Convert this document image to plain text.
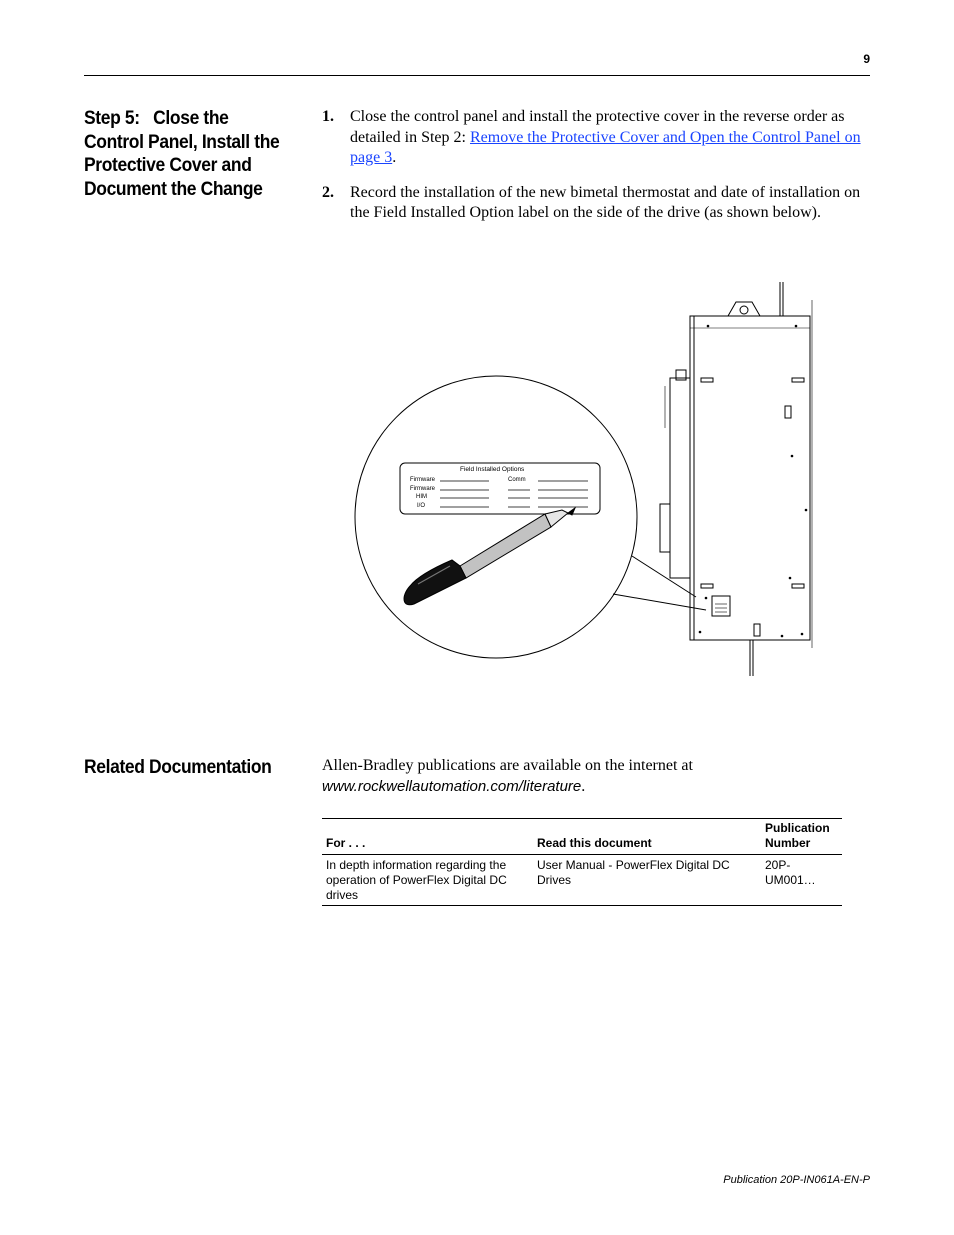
9
Step 5:   Close the Control Panel, Install the Protective Cover and Document the Change
1. Close the control panel and install the protective cover in the reverse order as detailed in Step 2: Remove the Protective Cover and Open the Control Panel on page 3.
2. Record the installation of the new bimetal thermostat and date of installation on the Field Installed Option label on the side of the drive (as shown below).
Field Installed Options
Firmware
Firmware
HIM
I/O
Comm
Related Documentation	Allen-Bradley publications are available on the internet at
www.rockwellautomation.com/literature.
For . . .	Read this document	Publication Number
In depth information regarding the operation of PowerFlex Digital DC drives	User Manual - PowerFlex Digital DC Drives	20P-UM001…
Publication 20P-IN061A-EN-P
